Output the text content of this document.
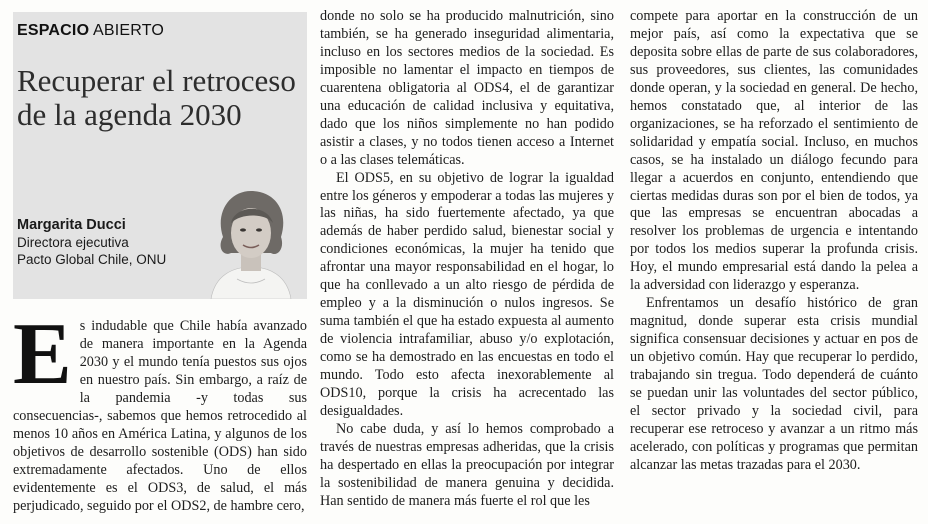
ESPACIO ABIERTO
Recuperar el retroceso de la agenda 2030
Margarita Ducci
Directora ejecutiva
Pacto Global Chile, ONU
E s indudable que Chile había avanzado de manera importante en la Agenda 2030 y el mundo tenía puestos sus ojos en nuestro país. Sin embargo, a raíz de la pandemia -y todas sus consecuencias-, sabemos que hemos retrocedido al menos 10 años en América Latina, y algunos de los objetivos de desarrollo sostenible (ODS) han sido extremadamente afectados. Uno de ellos evidentemente es el ODS3, de salud, el más perjudicado, seguido por el ODS2, de hambre cero,

donde no solo se ha producido malnutrición, sino también, se ha generado inseguridad alimentaria, incluso en los sectores medios de la sociedad. Es imposible no lamentar el impacto en tiempos de cuarentena obligatoria al ODS4, el de garantizar una educación de calidad inclusiva y equitativa, dado que los niños simplemente no han podido asistir a clases, y no todos tienen acceso a Internet o a las clases telemáticas.

El ODS5, en su objetivo de lograr la igualdad entre los géneros y empoderar a todas las mujeres y las niñas, ha sido fuertemente afectado, ya que además de haber perdido salud, bienestar social y condiciones económicas, la mujer ha tenido que afrontar una mayor responsabilidad en el hogar, lo que ha conllevado a un alto riesgo de pérdida de empleo y a la disminución o nulos ingresos. Se suma también el que ha estado expuesta al aumento de violencia intrafamiliar, abuso y/o explotación, como se ha demostrado en las encuestas en todo el mundo. Todo esto afecta inexorablemente al ODS10, porque la crisis ha acrecentado las desigualdades.

No cabe duda, y así lo hemos comprobado a través de nuestras empresas adheridas, que la crisis ha despertado en ellas la preocupación por integrar la sostenibilidad de manera genuina y decidida. Han sentido de manera más fuerte el rol que les

compete para aportar en la construcción de un mejor país, así como la expectativa que se deposita sobre ellas de parte de sus colaboradores, sus proveedores, sus clientes, las comunidades donde operan, y la sociedad en general. De hecho, hemos constatado que, al interior de las organizaciones, se ha reforzado el sentimiento de solidaridad y empatía social. Incluso, en muchos casos, se ha instalado un diálogo fecundo para llegar a acuerdos en conjunto, entendiendo que ciertas medidas duras son por el bien de todos, ya que las empresas se encuentran abocadas a resolver los problemas de urgencia e intentando por todos los medios superar la profunda crisis. Hoy, el mundo empresarial está dando la pelea a la adversidad con liderazgo y esperanza.

Enfrentamos un desafío histórico de gran magnitud, donde superar esta crisis mundial significa consensuar decisiones y actuar en pos de un objetivo común. Hay que recuperar lo perdido, trabajando sin tregua. Todo dependerá de cuánto se puedan unir las voluntades del sector público, el sector privado y la sociedad civil, para recuperar ese retroceso y avanzar a un ritmo más acelerado, con políticas y programas que permitan alcanzar las metas trazadas para el 2030.
